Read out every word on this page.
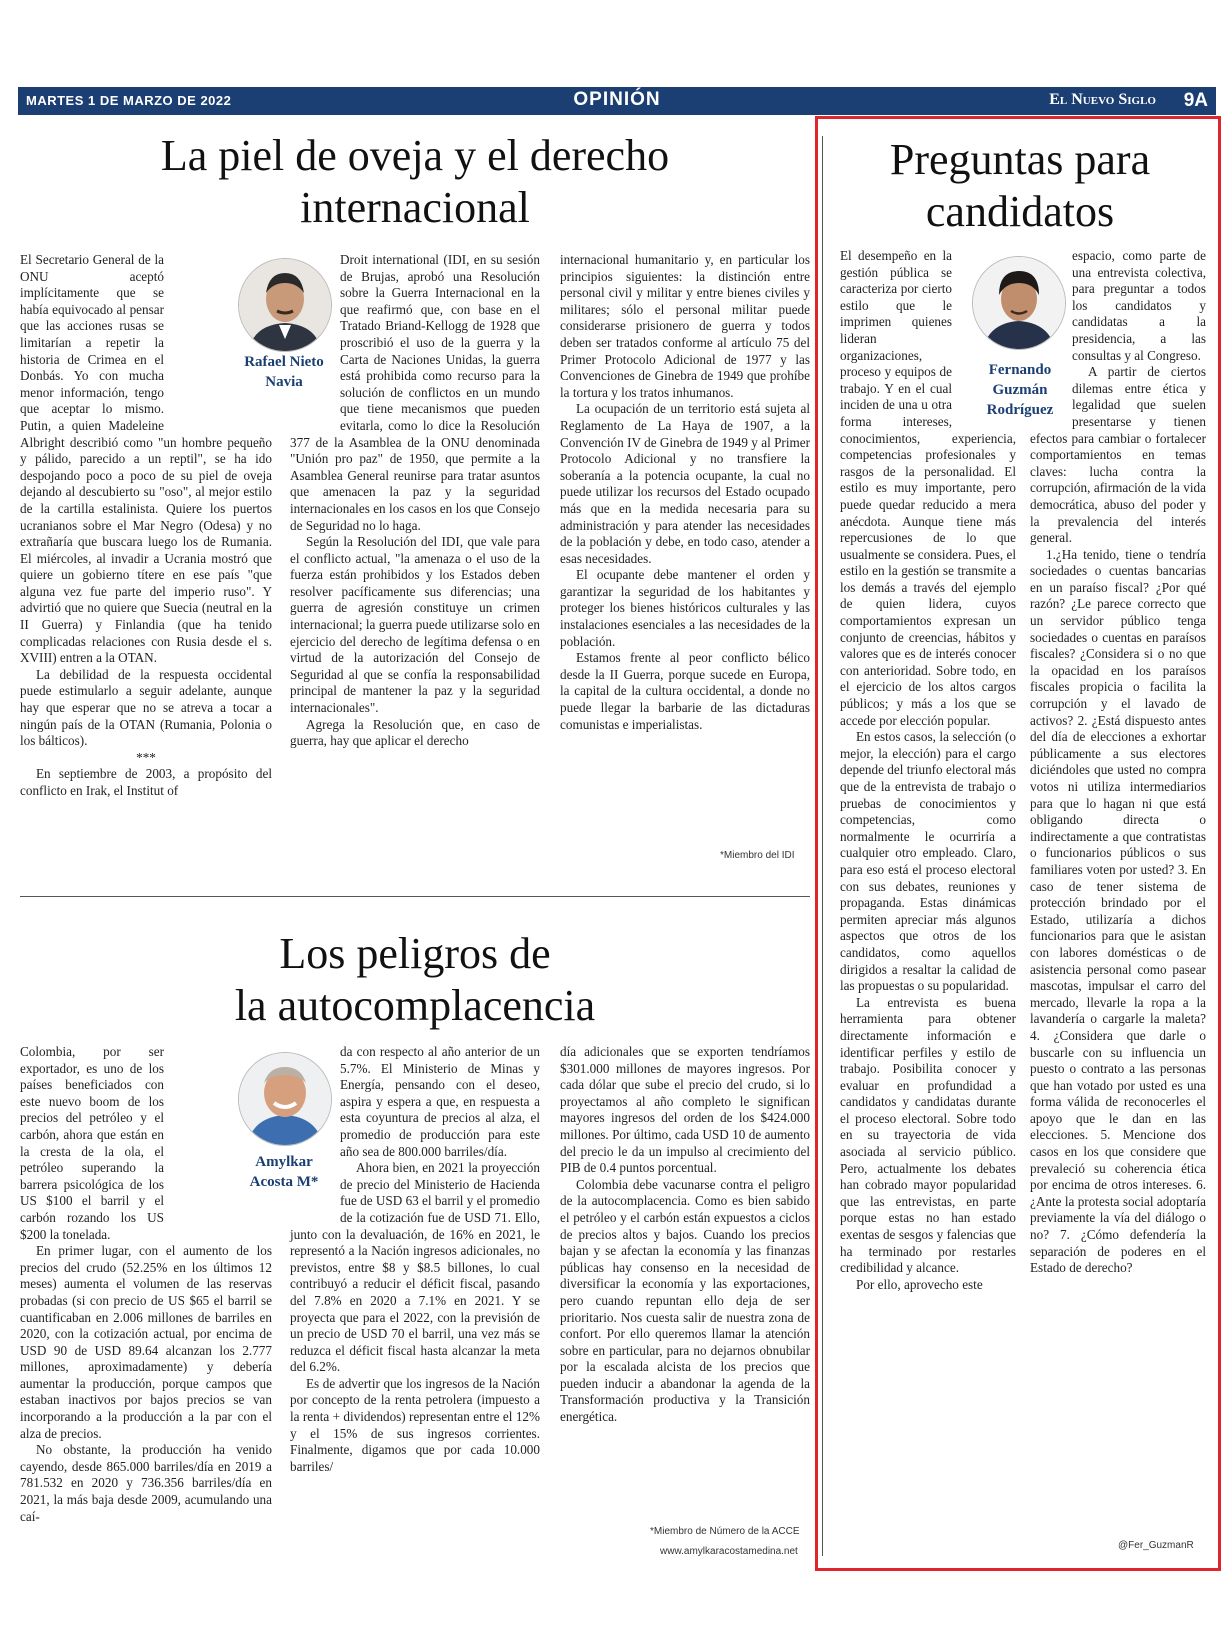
MARTES 1 DE MARZO DE 2022	OPINIÓN	El Nuevo Siglo 9A
La piel de oveja y el derecho
internacional

El Secretario General de la ONU aceptó implícitamente que se había equivocado al pensar que las acciones rusas se limitarían a repetir la historia de Crimea en el Donbás. Yo con mucha menor información, tengo que aceptar lo mismo. Putin, a quien Madeleine Albright describió como "un hombre pequeño y pálido, parecido a un reptil", se ha ido despojando poco a poco de su piel de oveja dejando al descubierto su "oso", al mejor estilo de la cartilla estalinista. Quiere los puertos ucranianos sobre el Mar Negro (Odesa) y no extrañaría que buscara luego los de Rumania. El miércoles, al invadir a Ucrania mostró que quiere un gobierno títere en ese país "que alguna vez fue parte del imperio ruso". Y advirtió que no quiere que Suecia (neutral en la II Guerra) y Finlandia (que ha tenido complicadas relaciones con Rusia desde el s. XVIII) entren a la OTAN.

La debilidad de la respuesta occidental puede estimularlo a seguir adelante, aunque hay que esperar que no se atreva a tocar a ningún país de la OTAN (Rumania, Polonia o los bálticos).

***

En septiembre de 2003, a propósito del conflicto en Irak, el Institut of

Rafael Nieto
Navia

Droit international (IDI, en su sesión de Brujas, aprobó una Resolución sobre la Guerra Internacional en la que reafirmó que, con base en el Tratado Briand-Kellogg de 1928 que proscribió el uso de la guerra y la Carta de Naciones Unidas, la guerra está prohibida como recurso para la solución de conflictos en un mundo que tiene mecanismos que pueden evitarla, como lo dice la Resolución 377 de la Asamblea de la ONU denominada "Unión pro paz" de 1950, que permite a la Asamblea General reunirse para tratar asuntos que amenacen la paz y la seguridad internacionales en los casos en los que Consejo de Seguridad no lo haga.

Según la Resolución del IDI, que vale para el conflicto actual, "la amenaza o el uso de la fuerza están prohibidos y los Estados deben resolver pacíficamente sus diferencias; una guerra de agresión constituye un crimen internacional; la guerra puede utilizarse solo en ejercicio del derecho de legítima defensa o en virtud de la autorización del Consejo de Seguridad al que se confía la responsabilidad principal de mantener la paz y la seguridad internacionales".

Agrega la Resolución que, en caso de guerra, hay que aplicar el derecho

internacional humanitario y, en particular los principios siguientes: la distinción entre personal civil y militar y entre bienes civiles y militares; sólo el personal militar puede considerarse prisionero de guerra y todos deben ser tratados conforme al artículo 75 del Primer Protocolo Adicional de 1977 y las Convenciones de Ginebra de 1949 que prohíbe la tortura y los tratos inhumanos.

La ocupación de un territorio está sujeta al Reglamento de La Haya de 1907, a la Convención IV de Ginebra de 1949 y al Primer Protocolo Adicional y no transfiere la soberanía a la potencia ocupante, la cual no puede utilizar los recursos del Estado ocupado más que en la medida necesaria para su administración y para atender las necesidades de la población y debe, en todo caso, atender a esas necesidades.

El ocupante debe mantener el orden y garantizar la seguridad de los habitantes y proteger los bienes históricos culturales y las instalaciones esenciales a las necesidades de la población.

Estamos frente al peor conflicto bélico desde la II Guerra, porque sucede en Europa, la capital de la cultura occidental, a donde no puede llegar la barbarie de las dictaduras comunistas e imperialistas.

*Miembro del IDI
Los peligros de
la autocomplacencia

Colombia, por ser exportador, es uno de los países beneficiados con este nuevo boom de los precios del petróleo y el carbón, ahora que están en la cresta de la ola, el petróleo superando la barrera psicológica de los US $100 el barril y el carbón rozando los US $200 la tonelada.

En primer lugar, con el aumento de los precios del crudo (52.25% en los últimos 12 meses) aumenta el volumen de las reservas probadas (si con precio de US $65 el barril se cuantificaban en 2.006 millones de barriles en 2020, con la cotización actual, por encima de USD 90 de USD 89.64 alcanzan los 2.777 millones, aproximadamente) y debería aumentar la producción, porque campos que estaban inactivos por bajos precios se van incorporando a la producción a la par con el alza de precios.

No obstante, la producción ha venido cayendo, desde 865.000 barriles/día en 2019 a 781.532 en 2020 y 736.356 barriles/día en 2021, la más baja desde 2009, acumulando una caí-

Amylkar
Acosta M*

da con respecto al año anterior de un 5.7%. El Ministerio de Minas y Energía, pensando con el deseo, aspira y espera a que, en respuesta a esta coyuntura de precios al alza, el promedio de producción para este año sea de 800.000 barriles/día.

Ahora bien, en 2021 la proyección de precio del Ministerio de Hacienda fue de USD 63 el barril y el promedio de la cotización fue de USD 71. Ello, junto con la devaluación, de 16% en 2021, le representó a la Nación ingresos adicionales, no previstos, entre $8 y $8.5 billones, lo cual contribuyó a reducir el déficit fiscal, pasando del 7.8% en 2020 a 7.1% en 2021. Y se proyecta que para el 2022, con la previsión de un precio de USD 70 el barril, una vez más se reduzca el déficit fiscal hasta alcanzar la meta del 6.2%.

Es de advertir que los ingresos de la Nación por concepto de la renta petrolera (impuesto a la renta + dividendos) representan entre el 12% y el 15% de sus ingresos corrientes. Finalmente, digamos que por cada 10.000 barriles/

día adicionales que se exporten tendríamos $301.000 millones de mayores ingresos. Por cada dólar que sube el precio del crudo, si lo proyectamos al año completo le significan mayores ingresos del orden de los $424.000 millones. Por último, cada USD 10 de aumento del precio le da un impulso al crecimiento del PIB de 0.4 puntos porcentual.

Colombia debe vacunarse contra el peligro de la autocomplacencia. Como es bien sabido el petróleo y el carbón están expuestos a ciclos de precios altos y bajos. Cuando los precios bajan y se afectan la economía y las finanzas públicas hay consenso en la necesidad de diversificar la economía y las exportaciones, pero cuando repuntan ello deja de ser prioritario. Nos cuesta salir de nuestra zona de confort. Por ello queremos llamar la atención sobre en particular, para no dejarnos obnubilar por la escalada alcista de los precios que pueden inducir a abandonar la agenda de la Transformación productiva y la Transición energética.

*Miembro de Número de la ACCE
www.amylkaracostamedina.net
Preguntas para
candidatos

El desempeño en la gestión pública se caracteriza por cierto estilo que le imprimen quienes lideran organizaciones, proceso y equipos de trabajo. Y en el cual inciden de una u otra forma intereses, conocimientos, experiencia, competencias profesionales y rasgos de la personalidad. El estilo es muy importante, pero puede quedar reducido a mera anécdota. Aunque tiene más repercusiones de lo que usualmente se considera. Pues, el estilo en la gestión se transmite a los demás a través del ejemplo de quien lidera, cuyos comportamientos expresan un conjunto de creencias, hábitos y valores que es de interés conocer con anterioridad. Sobre todo, en el ejercicio de los altos cargos públicos; y más a los que se accede por elección popular.

En estos casos, la selección (o mejor, la elección) para el cargo depende del triunfo electoral más que de la entrevista de trabajo o pruebas de conocimientos y competencias, como normalmente le ocurriría a cualquier otro empleado. Claro, para eso está el proceso electoral con sus debates, reuniones y propaganda. Estas dinámicas permiten apreciar más algunos aspectos que otros de los candidatos, como aquellos dirigidos a resaltar la calidad de las propuestas o su popularidad.

La entrevista es buena herramienta para obtener directamente información e identificar perfiles y estilo de trabajo. Posibilita conocer y evaluar en profundidad a candidatos y candidatas durante el proceso electoral. Sobre todo en su trayectoria de vida asociada al servicio público. Pero, actualmente los debates han cobrado mayor popularidad que las entrevistas, en parte porque estas no han estado exentas de sesgos y falencias que ha terminado por restarles credibilidad y alcance.

Por ello, aprovecho este

Fernando
Guzmán
Rodríguez

espacio, como parte de una entrevista colectiva, para preguntar a todos los candidatos y candidatas a la presidencia, a las consultas y al Congreso.

A partir de ciertos dilemas entre ética y legalidad que suelen presentarse y tienen efectos para cambiar o fortalecer comportamientos en temas claves: lucha contra la corrupción, afirmación de la vida democrática, abuso del poder y la prevalencia del interés general.

1.¿Ha tenido, tiene o tendría sociedades o cuentas bancarias en un paraíso fiscal? ¿Por qué razón? ¿Le parece correcto que un servidor público tenga sociedades o cuentas en paraísos fiscales? ¿Considera si o no que la opacidad en los paraísos fiscales propicia o facilita la corrupción y el lavado de activos? 2. ¿Está dispuesto antes del día de elecciones a exhortar públicamente a sus electores diciéndoles que usted no compra votos ni utiliza intermediarios para que lo hagan ni que está obligando directa o indirectamente a que contratistas o funcionarios públicos o sus familiares voten por usted? 3. En caso de tener sistema de protección brindado por el Estado, utilizaría a dichos funcionarios para que le asistan con labores domésticas o de asistencia personal como pasear mascotas, impulsar el carro del mercado, llevarle la ropa a la lavandería o cargarle la maleta? 4. ¿Considera que darle o buscarle con su influencia un puesto o contrato a las personas que han votado por usted es una forma válida de reconocerles el apoyo que le dan en las elecciones. 5. Mencione dos casos en los que considere que prevaleció su coherencia ética por encima de otros intereses. 6. ¿Ante la protesta social adoptaría previamente la vía del diálogo o no? 7. ¿Cómo defendería la separación de poderes en el Estado de derecho?

@Fer_GuzmanR
